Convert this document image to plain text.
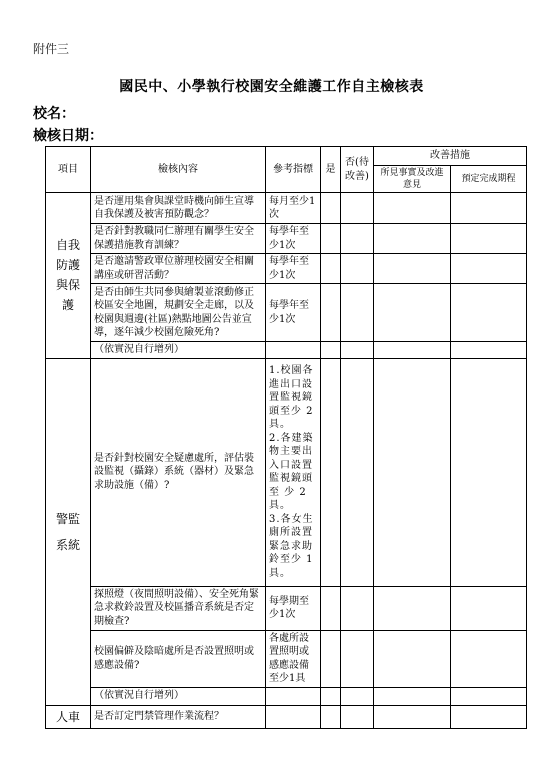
附件三
國民中、小學執行校園安全維護工作自主檢核表
校名：
檢核日期：
項目	檢核內容	參考指標	是	否(待改善)	改善措施	
					所見事實及改進意見	預定完成期程

自我
防護
與保
護	是否運用集會與課堂時機向師生宣導自我保護及被害預防觀念？	每月至少1次				
	是否針對教職同仁辦理有關學生安全保護措施教育訓練？	每學年至少1次				
	是否邀請警政單位辦理校園安全相關講座或研習活動？	每學年至少1次				
	是否由師生共同參與繪製並滾動修正校區安全地圖，規劃安全走廊，以及校園與週邊(社區)熱點地圖公告並宣導，逐年減少校園危險死角?	每學年至少1次				
	（依實況自行增列）					

警監
系統	是否針對校園安全疑慮處所，評估裝設監視（攝錄）系統（器材）及緊急求助設施（備）?	1.校園各進出口設置監視鏡頭至少 2具。
2.各建築物主要出入口設置監視鏡頭至 少 2具。
3.各女生廁所設置緊急求助鈴至少 1具。				
	探照燈（夜間照明設備）、安全死角緊急求救鈴設置及校區播音系統是否定期檢查?	每學期至少1次				
	校園偏僻及陰暗處所是否設置照明或感應設備?	各處所設置照明或感應設備至少1具				
	（依實況自行增列）					
人車	是否訂定門禁管理作業流程？					
